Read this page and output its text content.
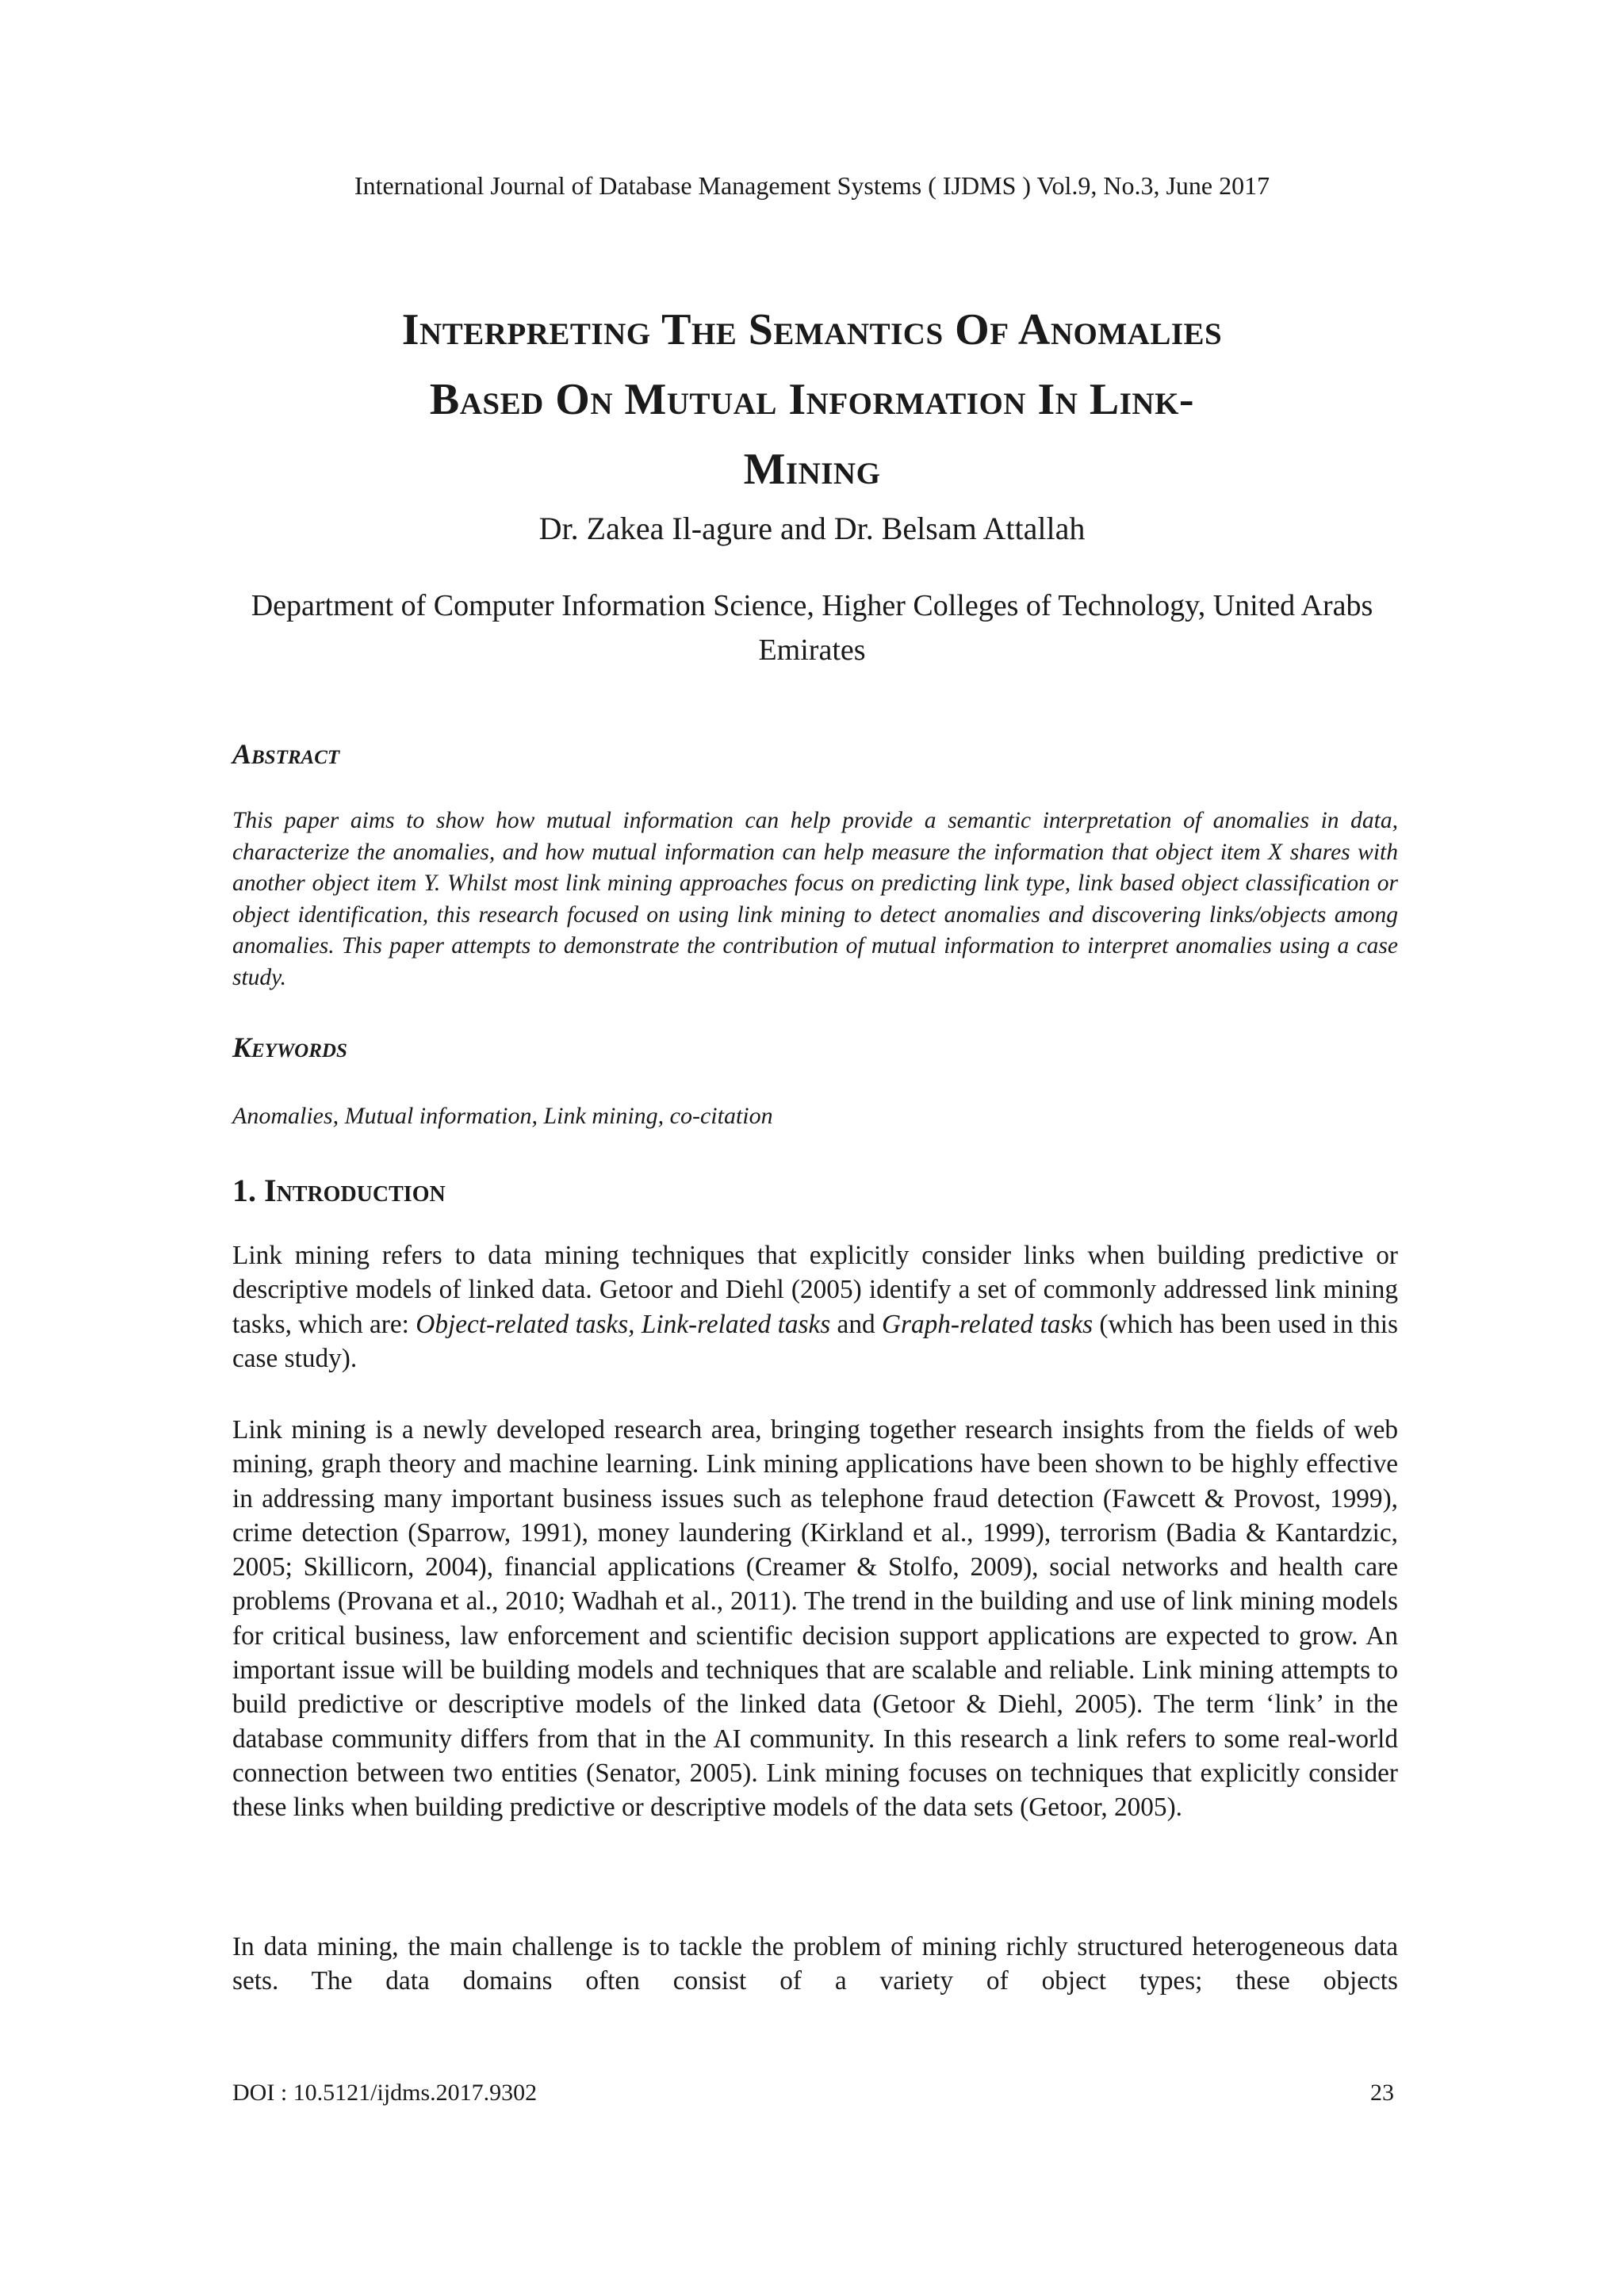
International Journal of Database Management Systems ( IJDMS ) Vol.9, No.3, June 2017
Interpreting The Semantics Of Anomalies
Based On Mutual Information In Link-
Mining
Dr. Zakea Il-agure and Dr. Belsam Attallah
Department of Computer Information Science, Higher Colleges of Technology, United Arabs Emirates
Abstract
This paper aims to show how mutual information can help provide a semantic interpretation of anomalies in data, characterize the anomalies, and how mutual information can help measure the information that object item X shares with another object item Y. Whilst most link mining approaches focus on predicting link type, link based object classification or object identification, this research focused on using link mining to detect anomalies and discovering links/objects among anomalies. This paper attempts to demonstrate the contribution of mutual information to interpret anomalies using a case study.
Keywords
Anomalies, Mutual information, Link mining, co-citation
1. Introduction
Link mining refers to data mining techniques that explicitly consider links when building predictive or descriptive models of linked data. Getoor and Diehl (2005) identify a set of commonly addressed link mining tasks, which are: Object-related tasks, Link-related tasks and Graph-related tasks (which has been used in this case study).
Link mining is a newly developed research area, bringing together research insights from the fields of web mining, graph theory and machine learning. Link mining applications have been shown to be highly effective in addressing many important business issues such as telephone fraud detection (Fawcett & Provost, 1999), crime detection (Sparrow, 1991), money laundering (Kirkland et al., 1999), terrorism (Badia & Kantardzic, 2005; Skillicorn, 2004), financial applications (Creamer & Stolfo, 2009), social networks and health care problems (Provana et al., 2010; Wadhah et al., 2011). The trend in the building and use of link mining models for critical business, law enforcement and scientific decision support applications are expected to grow. An important issue will be building models and techniques that are scalable and reliable. Link mining attempts to build predictive or descriptive models of the linked data (Getoor & Diehl, 2005). The term ‘link’ in the database community differs from that in the AI community. In this research a link refers to some real-world connection between two entities (Senator, 2005). Link mining focuses on techniques that explicitly consider these links when building predictive or descriptive models of the data sets (Getoor, 2005).
In data mining, the main challenge is to tackle the problem of mining richly structured heterogeneous data sets. The data domains often consist of a variety of object types; these objects
DOI : 10.5121/ijdms.2017.9302	23
